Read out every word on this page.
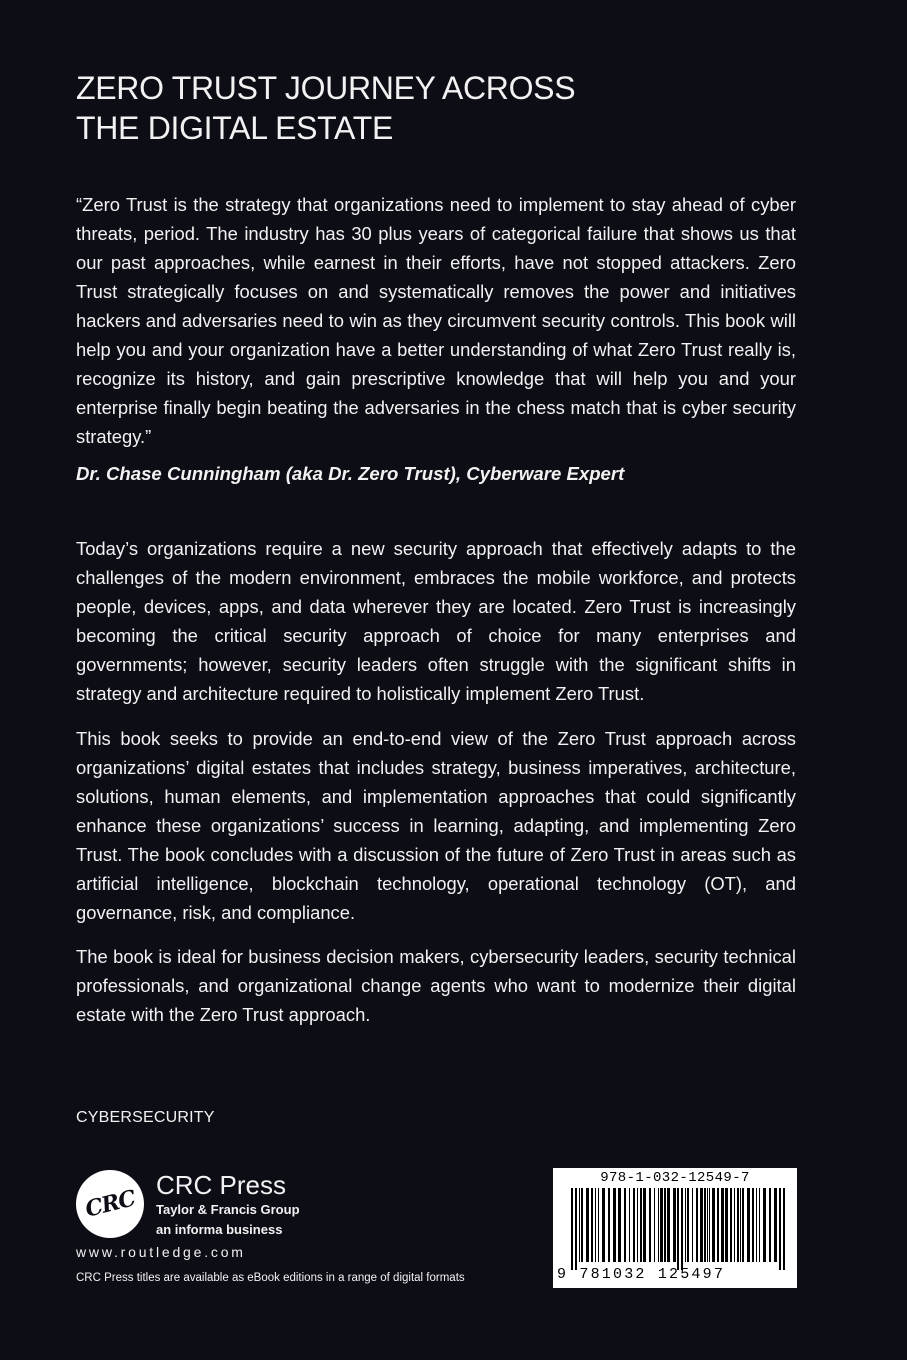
ZERO TRUST JOURNEY ACROSS
THE DIGITAL ESTATE

“Zero Trust is the strategy that organizations need to implement to stay ahead of cyber threats, period. The industry has 30 plus years of categorical failure that shows us that our past approaches, while earnest in their efforts, have not stopped attackers. Zero Trust strategically focuses on and systematically removes the power and initiatives hackers and adversaries need to win as they circumvent security controls. This book will help you and your organization have a better understanding of what Zero Trust really is, recognize its history, and gain prescriptive knowledge that will help you and your enterprise finally begin beating the adversaries in the chess match that is cyber security strategy.”

Dr. Chase Cunningham (aka Dr. Zero Trust), Cyberware Expert

Today’s organizations require a new security approach that effectively adapts to the challenges of the modern environment, embraces the mobile workforce, and protects people, devices, apps, and data wherever they are located. Zero Trust is increasingly becoming the critical security approach of choice for many enterprises and governments; however, security leaders often struggle with the significant shifts in strategy and architecture required to holistically implement Zero Trust.

This book seeks to provide an end-to-end view of the Zero Trust approach across organizations’ digital estates that includes strategy, business imperatives, architecture, solutions, human elements, and implementation approaches that could significantly enhance these organizations’ success in learning, adapting, and implementing Zero Trust. The book concludes with a discussion of the future of Zero Trust in areas such as artificial intelligence, blockchain technology, operational technology (OT), and governance, risk, and compliance.

The book is ideal for business decision makers, cybersecurity leaders, security technical professionals, and organizational change agents who want to modernize their digital estate with the Zero Trust approach.

CYBERSECURITY
CRC
CRC Press
Taylor & Francis Group
an informa business
www.routledge.com
CRC Press titles are available as eBook editions in a range of digital formats
978-1-032-12549-7
9 781032 125497
